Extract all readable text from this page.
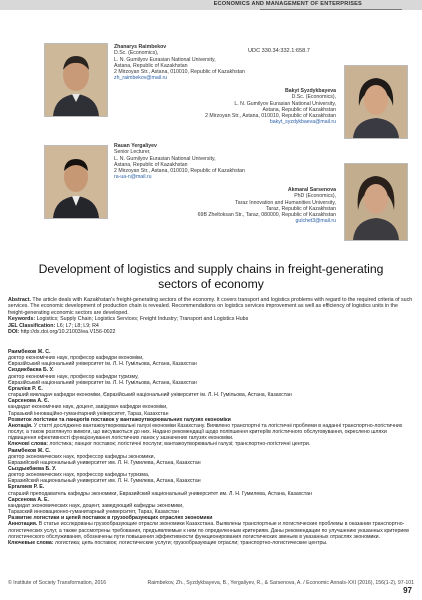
ECONOMICS AND MANAGEMENT OF ENTERPRISES
Zhanarys Raimbekov
D.Sc. (Economics),
L. N. Gumilyov Eurasian National University,
Astana, Republic of Kazakhstan
2 Mirzoyan Str., Astana, 010010, Republic of Kazakhstan
zh_raimbekov@mail.ru
UDC 330.34:332.1:658.7
Bakyt Syzdykbayeva
D.Sc. (Economics),
L. N. Gumilyov Eurasian National University,
Astana, Republic of Kazakhstan
2 Mirzoyan Str., Astana, 010010, Republic of Kazakhstan
bakyt_syzdykbaeva@mail.ru
Rauan Yergaliyev
Senior Lecturer,
L. N. Gumilyov Eurasian National University,
Astana, Republic of Kazakhstan
2 Mirzoyan Str., Astana, 010010, Republic of Kazakhstan
ra-ua-n@mail.ru
Akmaral Sarsenova
PhD (Economics),
Taraz Innovation and Humanities University,
Taraz, Republic of Kazakhstan
69B Zheltoksan Str., Taraz, 080000, Republic of Kazakhstan
gulchet3@mail.ru
Development of logistics and supply chains in freight-generating sectors of economy
Abstract. The article deals with Kazakhstan's freight-generating sectors of the economy. It covers transport and logistics problems with regard to the required criteria of such services. The economic development of production chain is revealed. Recommendations on logistics services improvement as well as efficiency of logistics units in the freight-generating economic sectors are developed.
Keywords: Logistics; Supply Chain; Logistics Services; Freight Industry; Transport and Logistics Hubs
JEL Classification: L6; L7; L8; L9; R4
DOI: http://dx.doi.org/10.21003/ea.V156-0022

Раимбеков Ж. С.

доктор економічних наук, професор кафедри економіки,

Євразійський національний університет ім. Л. Н. Гумільова, Астана, Казахстан

Сиздикбаєва Б. У.

доктор економічних наук, професор кафедри туризму,

Євразійський національний університет ім. Л. Н. Гумільова, Астана, Казахстан

Єргалієв Р. Є.

старший викладач кафедри економіки, Євразійський національний університет ім. Л. Н. Гумільова, Астана, Казахстан

Сарсенова А. Є.

кандидат економічних наук, доцент, завідувач кафедри економіки,

Таразький інноваційно-гуманітарний університет, Тараз, Казахстан

Розвиток логістики та ланцюгів поставок у вантажоутворювальних галузях економіки

Анотація. У статті досліджено вантажоутворювальні галузі економіки Казахстану. Виявлено транспортні та логістичні проблеми в наданні транспортно-логістичних послуг, а також розглянуто вимоги, що висуваються до них. Надано рекомендації щодо поліпшення критеріїв логістичного обслуговування, окреслено шляхи підвищення ефективності функціонування логістичних ланок у зазначених галузях економіки.

Ключові слова: логістика; ланцюг поставок; логістичні послуги; вантажоутворювальні галузі; транспортно-логістичні центри.

Раимбеков Ж. С.

доктор экономических наук, профессор кафедры экономики,

Евразийский национальный университет им. Л. Н. Гумилева, Астана, Казахстан

Сыздыкбаева Б. У.

доктор экономических наук, профессор кафедры туризма,

Евразийский национальный университет им. Л. Н. Гумилева, Астана, Казахстан

Ергалиев Р. Е.

старший преподаватель кафедры экономики, Евразийский национальный университет им. Л. Н. Гумилева, Астана, Казахстан

Сарсенова А. Е.

кандидат экономических наук, доцент, заведующий кафедры экономики,

Таразский инновационно-гуманитарный университет, Тараз, Казахстан

Развитие логистики и цепей поставок в грузообразующих отраслях экономики

Аннотация. В статье исследованы грузообразующие отрасли экономики Казахстана. Выявлены транспортные и логистические проблемы в оказании транспортно-логистических услуг, а также рассмотрены требования, предъявляемые к ним по определенным критериям. Даны рекомендации по улучшению указанных критериев логистического обслуживания, обозначены пути повышения эффективности функционирования логистических звеньев в указанных отраслях экономики.

Ключевые слова: логистика; цепь поставок; логистические услуги; грузообразующие отрасли; транспортно-логистические центры.

© Institute of Society Transformation, 2016	Raimbekov, Zh., Syzdykbayeva, B., Yergaliyev, R., & Sarsenova, A. / Economic Annals-XXI (2016), 156(1-2), 97-101
97
